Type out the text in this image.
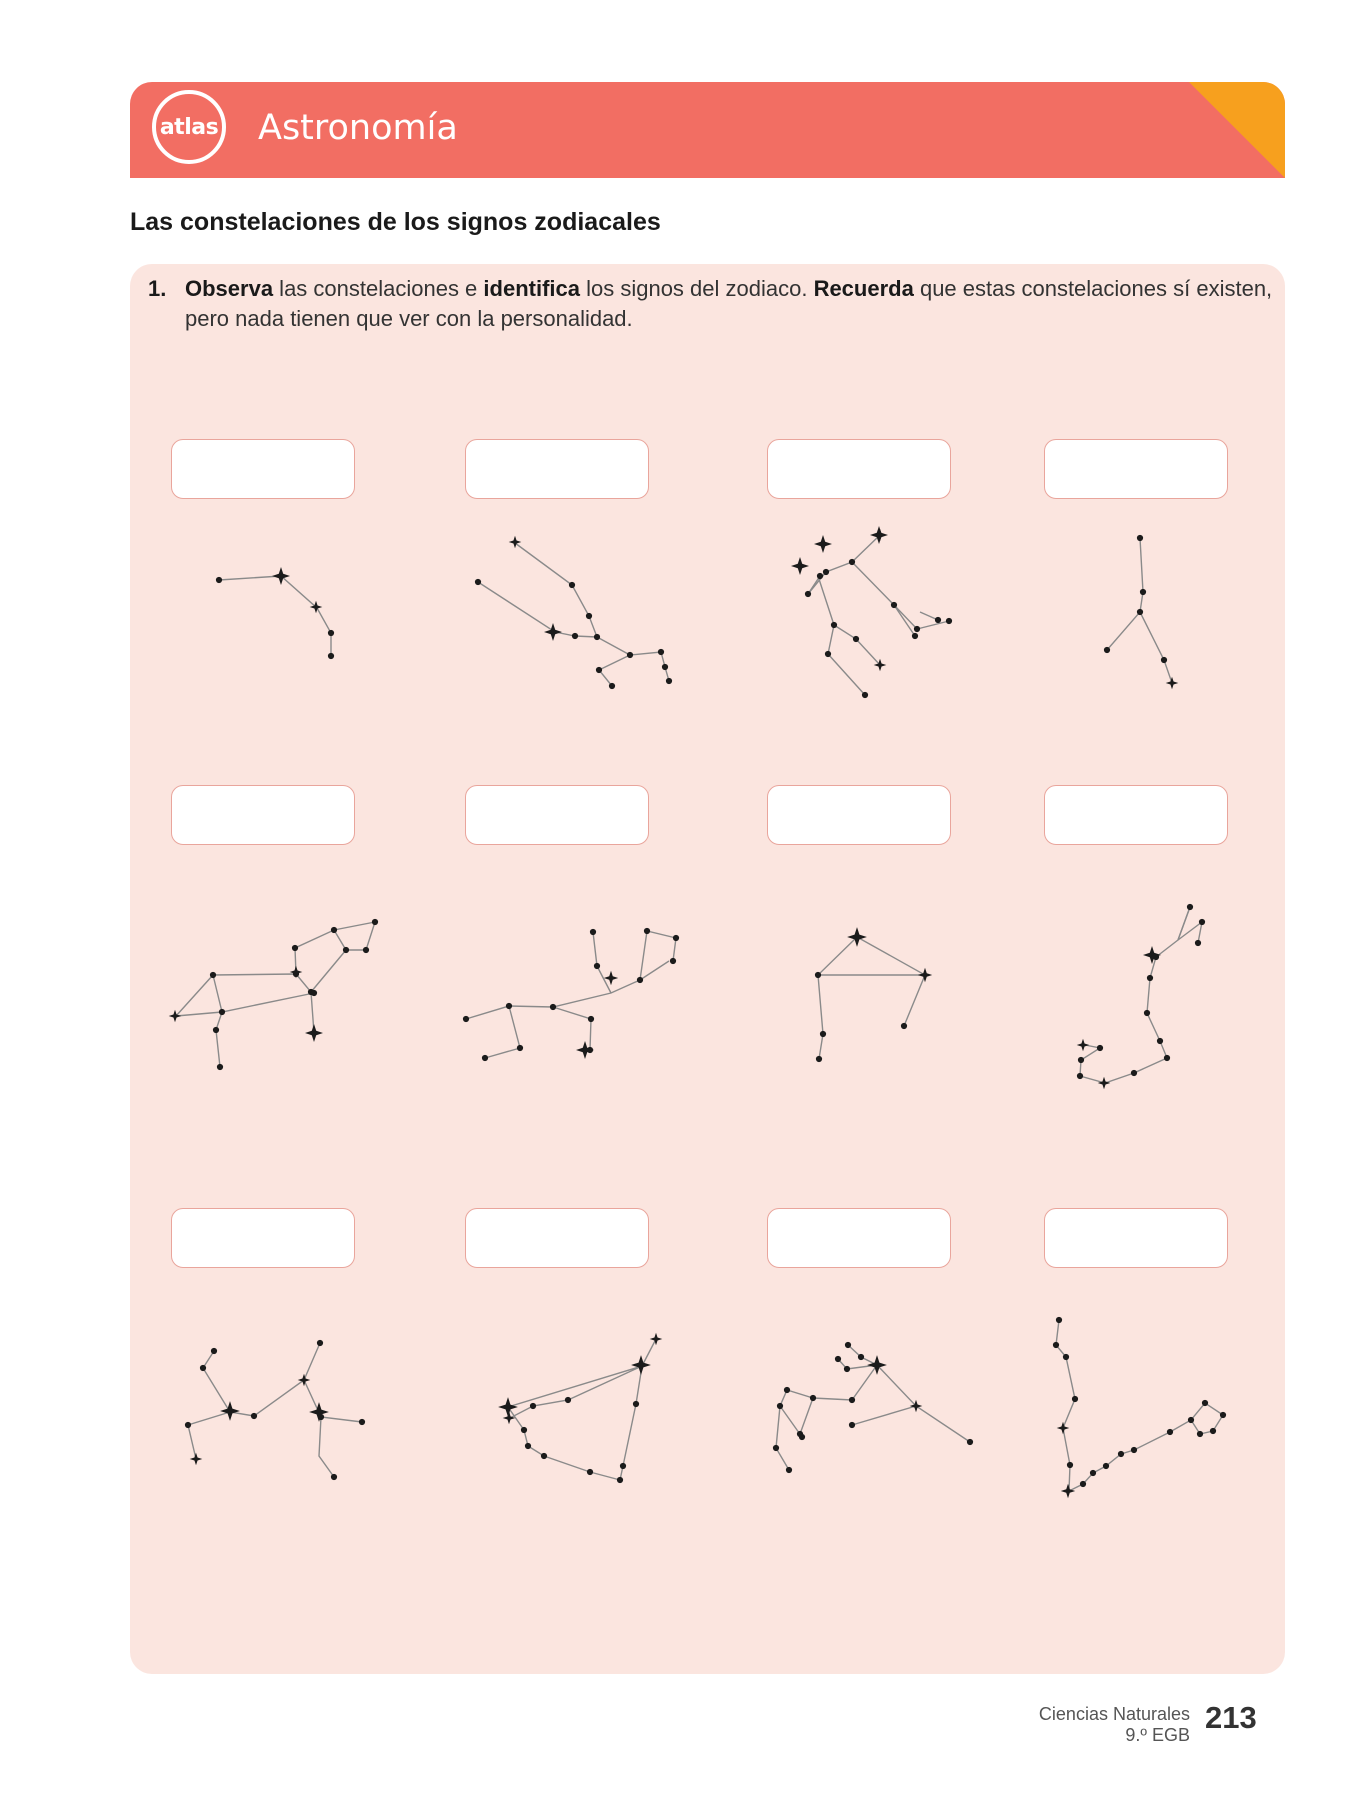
atlas Astronomía
Las constelaciones de los signos zodiacales
1. Observa las constelaciones e identifica los signos del zodiaco. Recuerda que estas constelaciones sí existen, pero nada tienen que ver con la personalidad.
Ciencias Naturales
9.º EGB 213
